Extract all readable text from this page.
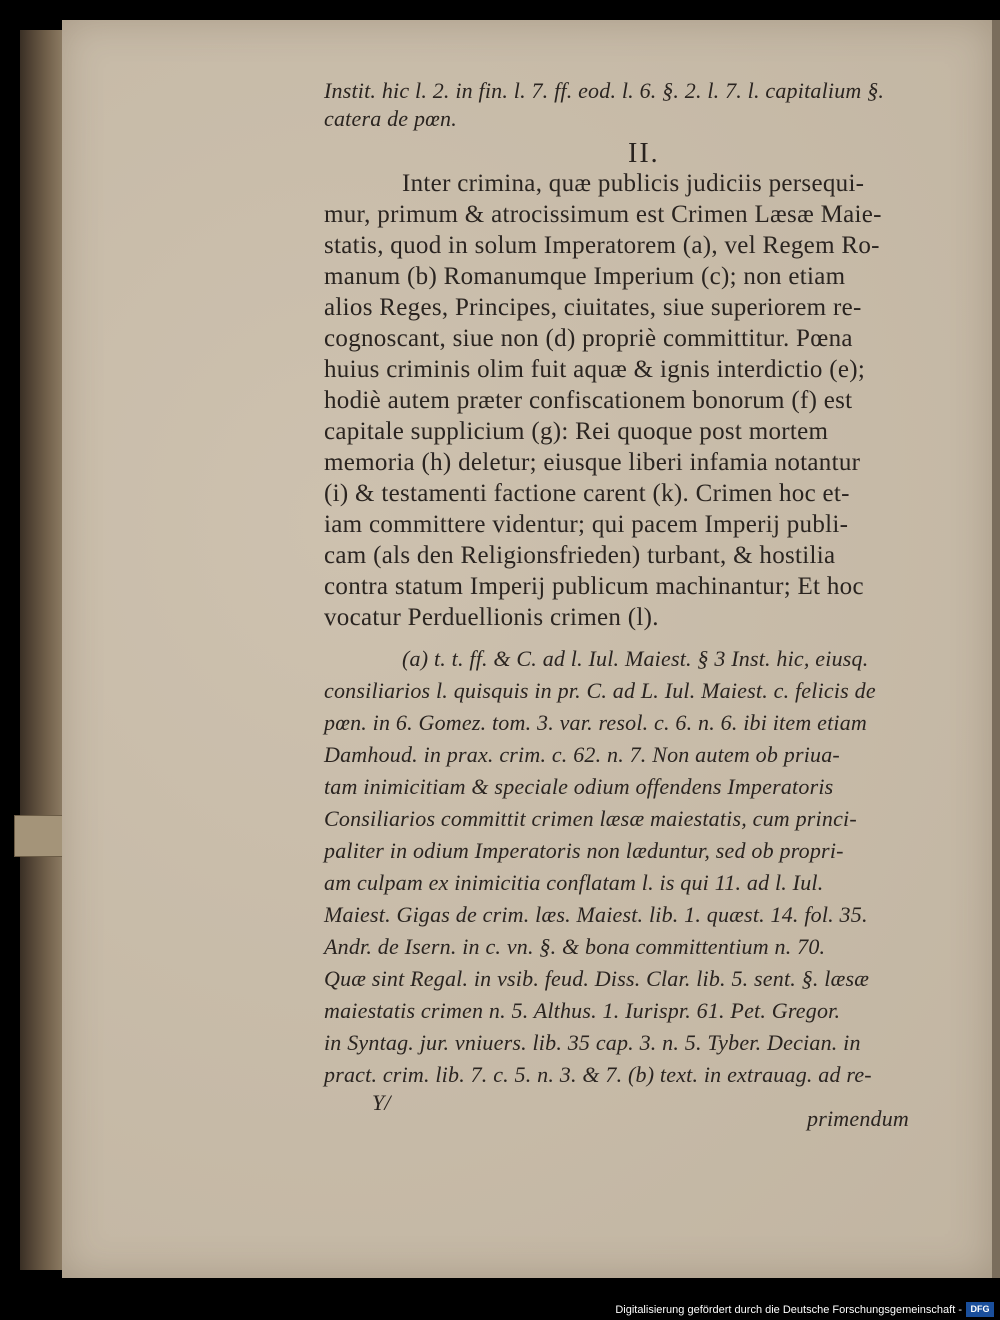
Instit. hic l. 2. in fin. l. 7. ff. eod. l. 6. §. 2. l. 7. l. capitalium §.

catera de pœn.

II.

Inter crimina, quæ publicis judiciis persequi-

mur, primum & atrocissimum est Crimen Læsæ Maie-

statis, quod in solum Imperatorem (a), vel Regem Ro-

manum (b) Romanumque Imperium (c); non etiam

alios Reges, Principes, ciuitates, siue superiorem re-

cognoscant, siue non (d) propriè committitur. Pœna

huius criminis olim fuit aquæ & ignis interdictio (e);

hodiè autem præter confiscationem bonorum (f) est

capitale supplicium (g): Rei quoque post mortem

memoria (h) deletur; eiusque liberi infamia notantur

(i) & testamenti factione carent (k). Crimen hoc et-

iam committere videntur; qui pacem Imperij publi-

cam (als den Religionsfrieden) turbant, & hostilia

contra statum Imperij publicum machinantur; Et hoc

vocatur Perduellionis crimen (l).

(a) t. t. ff. & C. ad l. Iul. Maiest. § 3 Inst. hic, eiusq.

consiliarios l. quisquis in pr. C. ad L. Iul. Maiest. c. felicis de

pœn. in 6. Gomez. tom. 3. var. resol. c. 6. n. 6. ibi item etiam

Damhoud. in prax. crim. c. 62. n. 7. Non autem ob priua-

tam inimicitiam & speciale odium offendens Imperatoris

Consiliarios committit crimen læsæ maiestatis, cum princi-

paliter in odium Imperatoris non læduntur, sed ob propri-

am culpam ex inimicitia conflatam l. is qui 11. ad l. Iul.

Maiest. Gigas de crim. læs. Maiest. lib. 1. quæst. 14. fol. 35.

Andr. de Isern. in c. vn. §. & bona committentium n. 70.

Quæ sint Regal. in vsib. feud. Diss. Clar. lib. 5. sent. §. læsæ

maiestatis crimen n. 5. Althus. 1. Iurispr. 61. Pet. Gregor.

in Syntag. jur. vniuers. lib. 35 cap. 3. n. 5. Tyber. Decian. in

pract. crim. lib. 7. c. 5. n. 3. & 7. (b) text. in extrauag. ad re-

Y/

primendum

Digitalisierung gefördert durch die Deutsche Forschungsgemeinschaft - DFG
